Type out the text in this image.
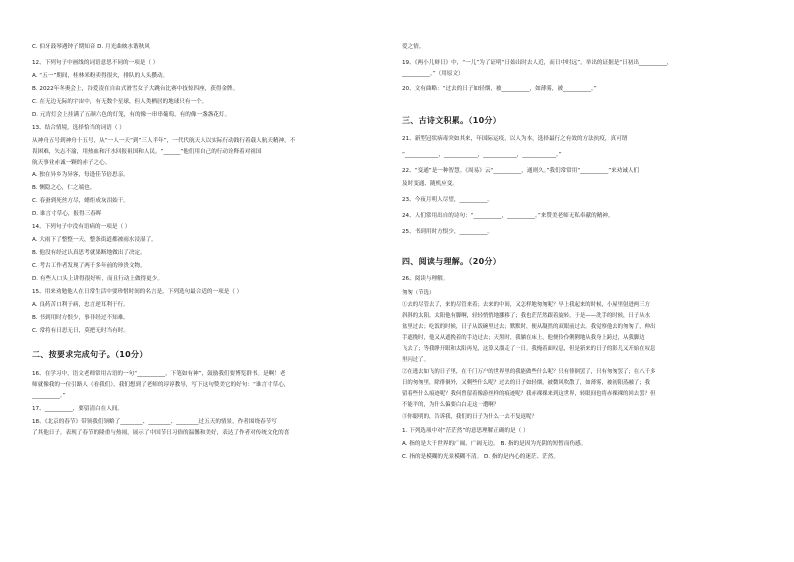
C. 伯牙鼓琴遇钟子期知音 D. 月光曲映水谐秋风
12、下列句子中画线的词语意思不同的一项是（ ）
A. “五一”期间，桂林米粉卖得很火，排队的人头攒动。
B. 2022年冬奥会上，谷爱凌在自由式滑雪女子大跳台比赛中技惊四座，获得金牌。
C. 在无边无际的宇宙中，有无数个星球，但人类栖居的地球只有一个。
D. 元宵灯会上挂满了五颜六色的灯笼，有的像一串串葡萄，有的像一盏盏花灯。
13、结合情境，选择恰当的词语（ ）
从神舟五号到神舟十五号，从“一人一天”到“三人半年”，一代代航天人以实际行动践行着载人航天精神，不
畏困难，矢志不渝，用热血和汗水回报祖国和人民。“______”他们用自己的行动诠释着对祖国
航天事业赤诚一颗的赤子之心。
A. 独在异乡为异客，每逢佳节倍思亲。
B. 恻隐之心，仁之端也。
C. 春蚕到死丝方尽，蜡炬成灰泪始干。
D. 谁言寸草心，报得三春晖
14、下列句子中没有语病的一项是（ ）
A. 大雨下了整整一天，整条街道都被雨水浸湿了。
B. 他没有经过认真思考就果断地做出了决定。
C. 考古工作者发现了两千多年前的珍贵文物。
D. 有些人口头上讲得很好听，而且行动上做得更少。
15、用来劝勉他人在日常生活中要珍惜时间的名言是，下列选句最合适的一项是（ ）
A. 良药苦口利于病，忠言逆耳利于行。
B. 书到用时方恨少，事非经过不知难。
C. 常将有日思无日，莫把无时当有时。
二、按要求完成句子。（10分）
16、在学习中，语文老师常用古语的一句“__________，下笔如有神”，鼓励我们要博览群书。是啊！老
师就像我的一位引路人（看我们），我们想到了老师的谆谆教导，写下这句赞美它的好句：“谁言寸草心，
__________。”
17、__________，要留清白在人间。
18、《北京的春节》带领我们领略了________、________、________过五天的情景，作者围绕春节写
了其他日子，表现了春节的隆重与热闹，展示了中国节日习俗的温馨和美好，表达了作者对传统文化的喜
爱之情。
19、《两小儿辩日》中，“一儿”为了证明“日始出时去人近，而日中时远”，举出的证据是“日初出__________，
__________。”（用原文）
20、文有曲略：“过去的日子如轻烟，被__________，如薄雾，被__________。”
三、古诗文积累。（10分）
21、新型冠状病毒突如其来，年国际运疫，以人为本，选择最行之有效的方法抗疫，真可谓
“____________，____________，____________，____________。”
22、“变通”是一种智慧。《周易》云“__________，通则久。”我们常常用“__________”来劝诫人们
及时变通、随机应变。
23、今夜月明人尽望，__________。
24、人们常用出自的诗句：“__________，__________。”来赞美老师无私奉献的精神。
25、书到用时方恨少，__________。
四、阅读与理解。（20分）
26、阅读与理解。
匆匆（节选）
①去的尽管去了，来的尽管来着；去来的中间，又怎样地匆匆呢？早上我起来的时候，小屋里射进两三方
斜斜的太阳。太阳他有脚啊，轻轻悄悄地挪移了；我也茫茫然跟着旋转。于是——洗手的时候，日子从水
盆里过去；吃饭的时候，日子从饭碗里过去；默默时，便从凝然的双眼前过去。我觉察他去的匆匆了，伸出
手遮挽时，他又从遮挽着的手边过去；天黑时，我躺在床上，他便伶伶俐俐地从我身上跨过，从我脚边
飞去了；等我睁开眼和太阳再见，这算又溜走了一日。我掩着面叹息，但是新来的日子的影儿又开始在叹息
里闪过了。
②在逃去如飞的日子里，在千门万户的世界里的我能做些什么呢？只有徘徊罢了，只有匆匆罢了；在八千多
日的匆匆里，除徘徊外，又剩些什么呢？过去的日子如轻烟，被微风吹散了，如薄雾，被初阳蒸融了；我
留着些什么痕迹呢？我何曾留着像游丝样的痕迹呢？我赤裸裸来到这世界，转眼间也将赤裸裸的回去罢？但
不能平的，为什么偏要白白走这一遭啊？
③你聪明的，告诉我，我们的日子为什么一去不复返呢？
1. 下列选项中对“茫茫然”的意思理解正确的是（ ）
A. 指的是大千世界的广阔、广阔无边。 B. 指的是因为光阴的短暂而伤感。
C. 指的是模糊的光景模糊不清。 D. 指的是内心的迷茫、茫然。
